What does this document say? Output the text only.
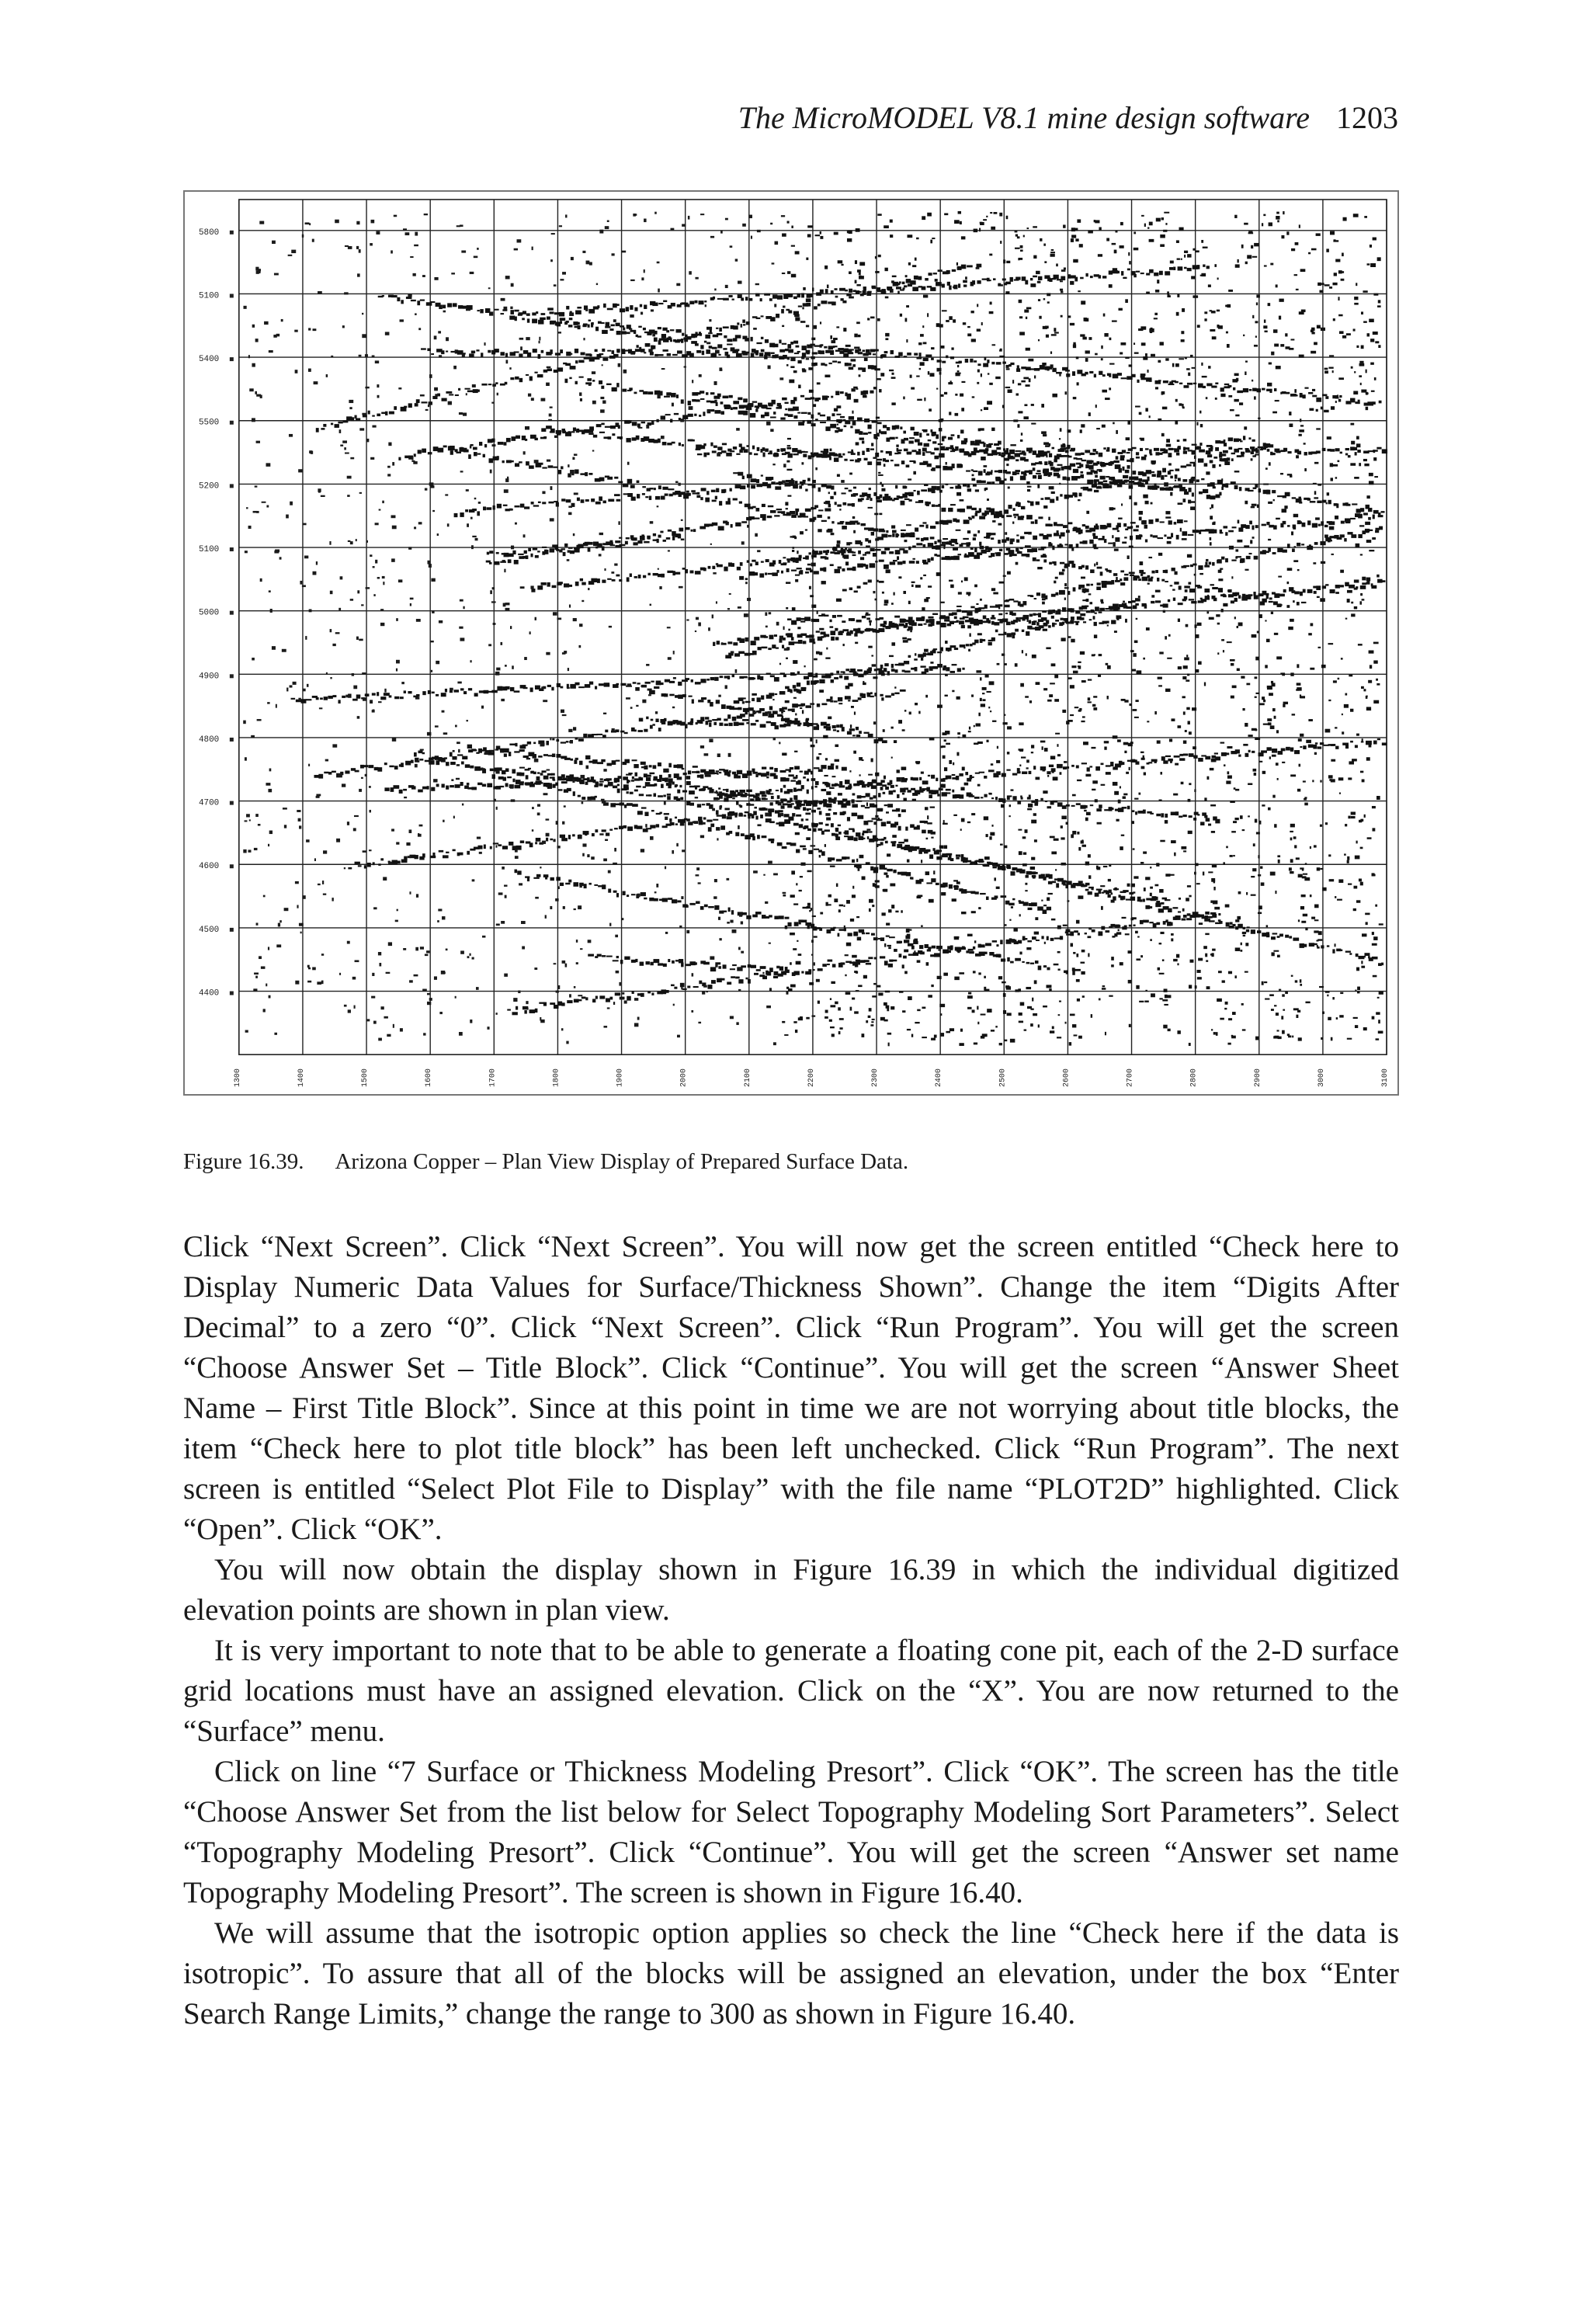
The MicroMODEL V8.1 mine design software 1203
5800
5100
5400
5500
5200
5100
5000
4900
4800
4700
4600
4500
4400
1300	1400	1500	1600	1700	1800	1900	2000	2100	2200	2300	2400	2500	2600	2700	2800	2900	3000	3100
Figure 16.39. Arizona Copper – Plan View Display of Prepared Surface Data.

Click “Next Screen”. Click “Next Screen”. You will now get the screen entitled “Check here to Display Numeric Data Values for Surface/Thickness Shown”. Change the item “Digits After Decimal” to a zero “0”. Click “Next Screen”. Click “Run Program”. You will get the screen “Choose Answer Set – Title Block”. Click “Continue”. You will get the screen “Answer Sheet Name – First Title Block”. Since at this point in time we are not worrying about title blocks, the item “Check here to plot title block” has been left unchecked. Click “Run Program”. The next screen is entitled “Select Plot File to Display” with the file name “PLOT2D” highlighted. Click “Open”. Click “OK”.

You will now obtain the display shown in Figure 16.39 in which the individual digitized elevation points are shown in plan view.

It is very important to note that to be able to generate a floating cone pit, each of the 2-D surface grid locations must have an assigned elevation. Click on the “X”. You are now returned to the “Surface” menu.

Click on line “7 Surface or Thickness Modeling Presort”. Click “OK”. The screen has the title “Choose Answer Set from the list below for Select Topography Modeling Sort Parameters”. Select “Topography Modeling Presort”. Click “Continue”. You will get the screen “Answer set name Topography Modeling Presort”. The screen is shown in Figure 16.40.

We will assume that the isotropic option applies so check the line “Check here if the data is isotropic”. To assure that all of the blocks will be assigned an elevation, under the box “Enter Search Range Limits,” change the range to 300 as shown in Figure 16.40.
